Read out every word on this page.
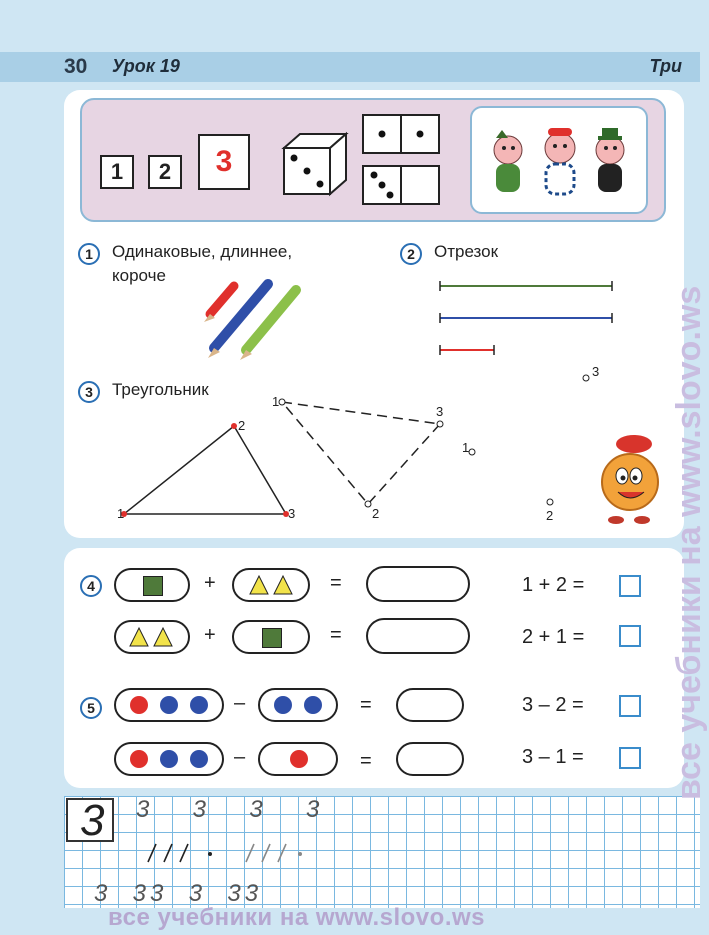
30 Урок 19	Три
1	2	3
1	Одинаковые, длиннее,
короче
2	Отрезок
3	Треугольник
1
2
3
1
2
3
3
1
2
4	+	=	1 + 2 =
+	=	2 + 1 =
5	–	=	3 – 2 =
–	=	3 – 1 =
3 3  3  3  3
3  33  3  33
все учебники на www.slovo.ws
все учебники на www.slovo.ws
